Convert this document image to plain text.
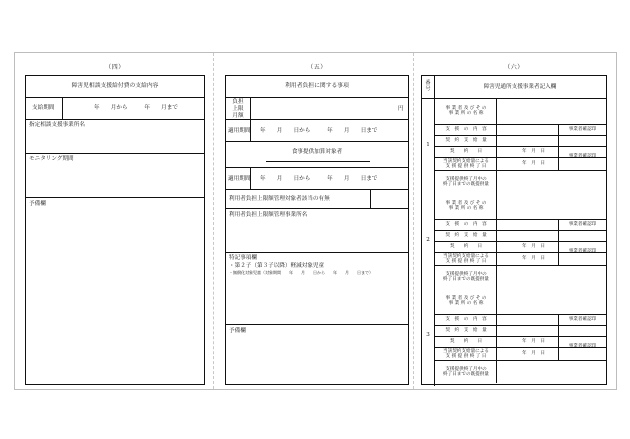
（四）
障害児相談支援給付費の支給内容
支給期間	年　　月から　　　年　　月まで
指定相談支援事業所名
モニタリング期間
予備欄
（五）
利用者負担に関する事項
負担
上限
月額
円
適用期間 年　　月　　日から　　　年　　月　　日まで
食事提供加算対象者
適用期間 年　　月　　日から　　　年　　月　　日まで
利用者負担上限額管理対象者該当の有無
利用者負担上限額管理事業所名
特記事項欄
・第２子（第３子以降）軽減対象児童
・無償化対象児童（対象期間　　年　　月　　日から　　年　　月　　日まで）
予備欄
（六）
番号	障害児通所支援事業者記入欄
1
事 業 者 及 び そ の
事 業 所 の 名 称
支　援　の　内　容
契　約　支　給　量
契　　約　　日
当該契約支給量による
支 援 提 供 終 了 日
支援提供終了月中の
終了日までの既提供量
事業者確認印
事業者確認印
年　月　日
年　月　日
2
事 業 者 及 び そ の
事 業 所 の 名 称
支　援　の　内　容
契　約　支　給　量
契　　約　　日
当該契約支給量による
支 援 提 供 終 了 日
支援提供終了月中の
終了日までの既提供量
事業者確認印
事業者確認印
年　月　日
年　月　日
3
事 業 者 及 び そ の
事 業 所 の 名 称
支　援　の　内　容
契　約　支　給　量
契　　約　　日
当該契約支給量による
支 援 提 供 終 了 日
支援提供終了月中の
終了日までの既提供量
事業者確認印
事業者確認印
年　月　日
年　月　日
